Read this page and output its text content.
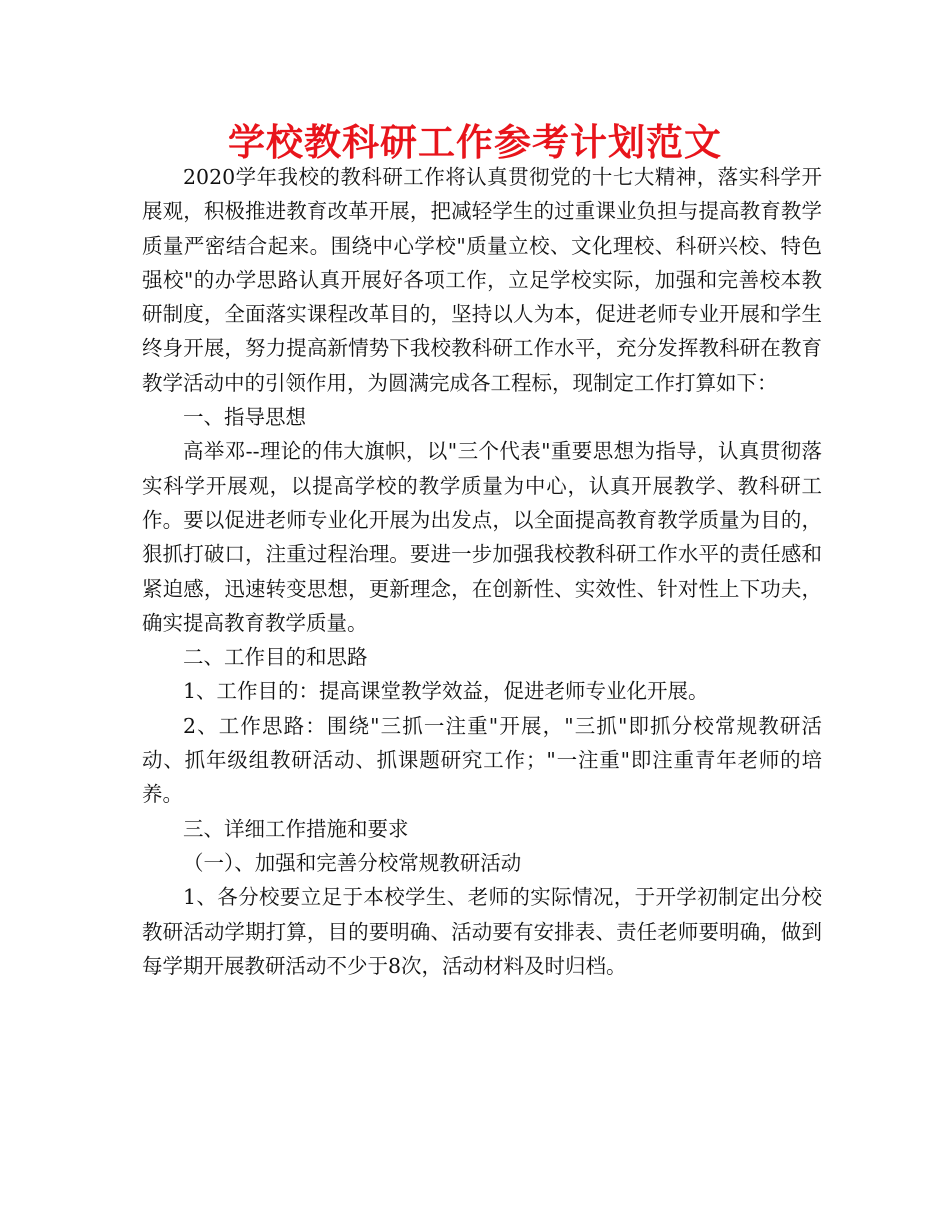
学校教科研工作参考计划范文

2020学年我校的教科研工作将认真贯彻党的十七大精神，落实科学开展观，积极推进教育改革开展，把减轻学生的过重课业负担与提高教育教学质量严密结合起来。围绕中心学校"质量立校、文化理校、科研兴校、特色强校"的办学思路认真开展好各项工作，立足学校实际，加强和完善校本教研制度，全面落实课程改革目的，坚持以人为本，促进老师专业开展和学生终身开展，努力提高新情势下我校教科研工作水平，充分发挥教科研在教育教学活动中的引领作用，为圆满完成各工程标，现制定工作打算如下：

一、指导思想

高举邓--理论的伟大旗帜，以"三个代表"重要思想为指导，认真贯彻落实科学开展观，以提高学校的教学质量为中心，认真开展教学、教科研工作。要以促进老师专业化开展为出发点，以全面提高教育教学质量为目的，狠抓打破口，注重过程治理。要进一步加强我校教科研工作水平的责任感和紧迫感，迅速转变思想，更新理念，在创新性、实效性、针对性上下功夫，确实提高教育教学质量。

二、工作目的和思路

1、工作目的：提高课堂教学效益，促进老师专业化开展。

2、工作思路：围绕"三抓一注重"开展，"三抓"即抓分校常规教研活动、抓年级组教研活动、抓课题研究工作；"一注重"即注重青年老师的培养。

三、详细工作措施和要求

（一）、加强和完善分校常规教研活动

1、各分校要立足于本校学生、老师的实际情况，于开学初制定出分校教研活动学期打算，目的要明确、活动要有安排表、责任老师要明确，做到每学期开展教研活动不少于8次，活动材料及时归档。
